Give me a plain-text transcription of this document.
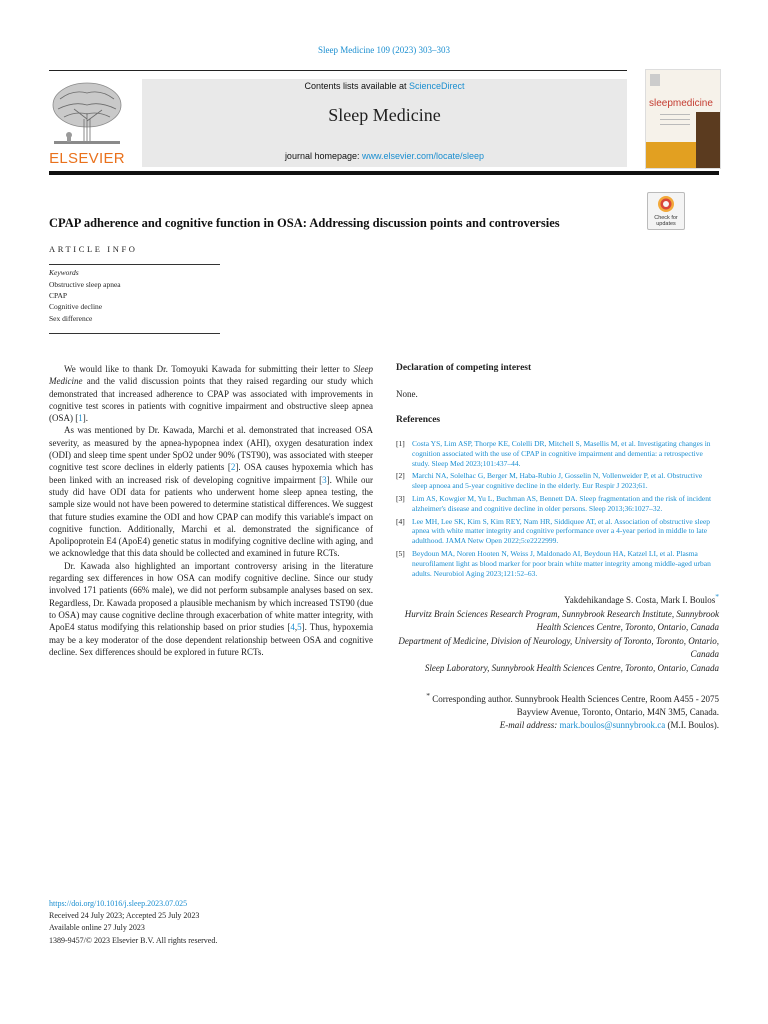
Sleep Medicine 109 (2023) 303–303
ELSEVIER
Contents lists available at ScienceDirect
Sleep Medicine
journal homepage: www.elsevier.com/locate/sleep
sleepmedicine
CPAP adherence and cognitive function in OSA: Addressing discussion points and controversies	Check for updates
ARTICLE INFO
Keywords
Obstructive sleep apnea
CPAP
Cognitive decline
Sex difference

We would like to thank Dr. Tomoyuki Kawada for submitting their letter to Sleep Medicine and the valid discussion points that they raised regarding our study which demonstrated that increased adherence to CPAP was associated with improvements in cognitive test scores in patients with cognitive impairment and obstructive sleep apnea (OSA) [1].

As was mentioned by Dr. Kawada, Marchi et al. demonstrated that increased OSA severity, as measured by the apnea-hypopnea index (AHI), oxygen desaturation index (ODI) and sleep time spent under SpO2 under 90% (TST90), was associated with steeper cognitive test score declines in elderly patients [2]. OSA causes hypoxemia which has been linked with an increased risk of developing cognitive impairment [3]. While our study did have ODI data for patients who underwent home sleep apnea testing, the sample size would not have been powered to determine statistical differences. We suggest that future studies examine the ODI and how CPAP can modify this variable's impact on cognitive function. Additionally, Marchi et al. demonstrated the significance of Apolipoprotein E4 (ApoE4) genetic status in modifying cognitive decline with aging, and we acknowledge that this data should be collected and examined in future RCTs.

Dr. Kawada also highlighted an important controversy arising in the literature regarding sex differences in how OSA can modify cognitive decline. Since our study involved 171 patients (66% male), we did not perform subsample analyses based on sex. Regardless, Dr. Kawada proposed a plausible mechanism by which increased TST90 (due to OSA) may cause cognitive decline through exacerbation of white matter integrity, with ApoE4 status modifying this relationship based on prior studies [4,5]. Thus, hypoxemia may be a key moderator of the dose dependent relationship between OSA and cognitive decline. Sex differences should be explored in future RCTs.

Declaration of competing interest

None.

References

[1] Costa YS, Lim ASP, Thorpe KE, Colelli DR, Mitchell S, Masellis M, et al. Investigating changes in cognition associated with the use of CPAP in cognitive impairment and dementia: a retrospective study. Sleep Med 2023;101:437–44.
[2] Marchi NA, Solelhac G, Berger M, Haba-Rubio J, Gosselin N, Vollenweider P, et al. Obstructive sleep apnoea and 5-year cognitive decline in the elderly. Eur Respir J 2023;61.
[3] Lim AS, Kowgier M, Yu L, Buchman AS, Bennett DA. Sleep fragmentation and the risk of incident alzheimer's disease and cognitive decline in older persons. Sleep 2013;36:1027–32.
[4] Lee MH, Lee SK, Kim S, Kim REY, Nam HR, Siddiquee AT, et al. Association of obstructive sleep apnea with white matter integrity and cognitive performance over a 4-year period in middle to late adulthood. JAMA Netw Open 2022;5:e2222999.
[5] Beydoun MA, Noren Hooten N, Weiss J, Maldonado AI, Beydoun HA, Katzel LI, et al. Plasma neurofilament light as blood marker for poor brain white matter integrity among middle-aged urban adults. Neurobiol Aging 2023;121:52–63.
Yakdehikandage S. Costa, Mark I. Boulos*
Hurvitz Brain Sciences Research Program, Sunnybrook Research Institute, Sunnybrook Health Sciences Centre, Toronto, Ontario, Canada
Department of Medicine, Division of Neurology, University of Toronto, Toronto, Ontario, Canada
Sleep Laboratory, Sunnybrook Health Sciences Centre, Toronto, Ontario, Canada
* Corresponding author. Sunnybrook Health Sciences Centre, Room A455 - 2075 Bayview Avenue, Toronto, Ontario, M4N 3M5, Canada.
E-mail address: mark.boulos@sunnybrook.ca (M.I. Boulos).
https://doi.org/10.1016/j.sleep.2023.07.025
Received 24 July 2023; Accepted 25 July 2023
Available online 27 July 2023
1389-9457/© 2023 Elsevier B.V. All rights reserved.
